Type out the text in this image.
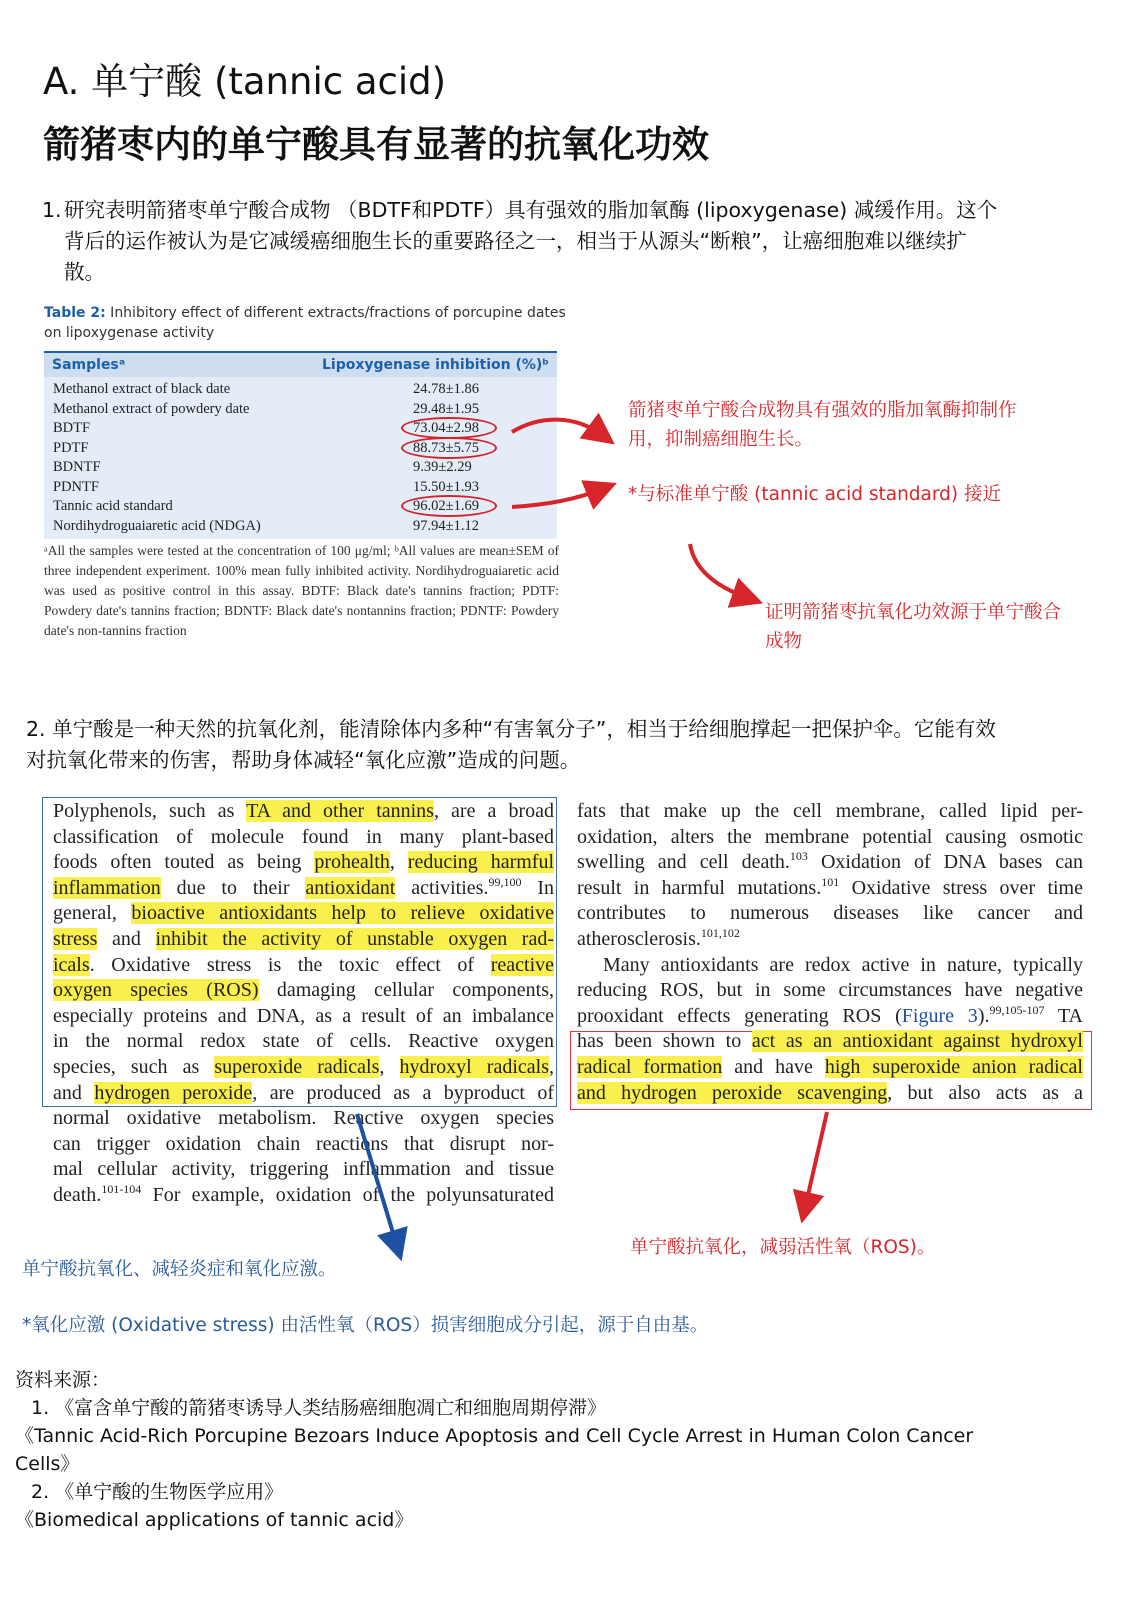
A. 单宁酸 (tannic acid)
箭猪枣内的单宁酸具有显著的抗氧化功效
1. 研究表明箭猪枣单宁酸合成物 （BDTF和PDTF）具有强效的脂加氧酶 (lipoxygenase) 减缓作用。这个
背后的运作被认为是它减缓癌细胞生长的重要路径之一，相当于从源头“断粮”，让癌细胞难以继续扩
散。
Table 2: Inhibitory effect of different extracts/fractions of porcupine dates on lipoxygenase activity
Samplesᵃ	Lipoxygenase inhibition (%)ᵇ
Methanol extract of black date	24.78±1.86
Methanol extract of powdery date	29.48±1.95
BDTF	73.04±2.98
PDTF	88.73±5.75
BDNTF	9.39±2.29
PDNTF	15.50±1.93
Tannic acid standard	96.02±1.69
Nordihydroguaiaretic acid (NDGA)	97.94±1.12
ᵃAll the samples were tested at the concentration of 100 μg/ml; ᵇAll values are mean±SEM of three independent experiment. 100% mean fully inhibited activity. Nordihydroguaiaretic acid was used as positive control in this assay. BDTF: Black date's tannins fraction; PDTF: Powdery date's tannins fraction; BDNTF: Black date's nontannins fraction; PDNTF: Powdery date's non-tannins fraction
箭猪枣单宁酸合成物具有强效的脂加氧酶抑制作用，抑制癌细胞生长。
*与标准单宁酸 (tannic acid standard) 接近
证明箭猪枣抗氧化功效源于单宁酸合成物
2. 单宁酸是一种天然的抗氧化剂，能清除体内多种“有害氧分子”，相当于给细胞撑起一把保护伞。它能有效
对抗氧化带来的伤害，帮助身体减轻“氧化应激”造成的问题。
Polyphenols, such as TA and other tannins, are a broad
classification of molecule found in many plant-based
foods often touted as being prohealth, reducing harmful
inflammation due to their antioxidant activities.$^{99,100}$ In
general, bioactive antioxidants help to relieve oxidative
stress and inhibit the activity of unstable oxygen rad-
icals. Oxidative stress is the toxic effect of reactive
oxygen species (ROS) damaging cellular components,
especially proteins and DNA, as a result of an imbalance
in the normal redox state of cells. Reactive oxygen
species, such as superoxide radicals, hydroxyl radicals,
and hydrogen peroxide, are produced as a byproduct of
normal oxidative metabolism. Reactive oxygen species
can trigger oxidation chain reactions that disrupt nor-
mal cellular activity, triggering inflammation and tissue
death.$^{101-104}$ For example, oxidation of the polyunsaturated
fats that make up the cell membrane, called lipid per-
oxidation, alters the membrane potential causing osmotic
swelling and cell death.$^{103}$ Oxidation of DNA bases can
result in harmful mutations.$^{101}$ Oxidative stress over time
contributes to numerous diseases like cancer and
atherosclerosis.$^{101,102}$
Many antioxidants are redox active in nature, typically
reducing ROS, but in some circumstances have negative
prooxidant effects generating ROS (Figure 3).$^{99,105-107}$ TA
has been shown to act as an antioxidant against hydroxyl
radical formation and have high superoxide anion radical
and hydrogen peroxide scavenging, but also acts as a
单宁酸抗氧化，减弱活性氧（ROS)。
单宁酸抗氧化、减轻炎症和氧化应激。
*氧化应激 (Oxidative stress) 由活性氧（ROS）损害细胞成分引起，源于自由基。
资料来源：
1. 《富含单宁酸的箭猪枣诱导人类结肠癌细胞凋亡和细胞周期停滞》
《Tannic Acid-Rich Porcupine Bezoars Induce Apoptosis and Cell Cycle Arrest in Human Colon Cancer
Cells》
2. 《单宁酸的生物医学应用》
《Biomedical applications of tannic acid》
